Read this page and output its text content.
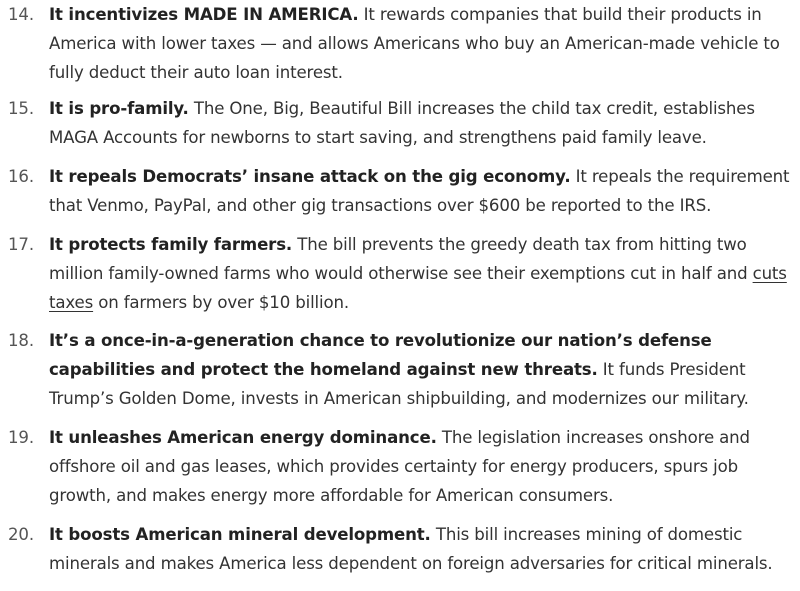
14. It incentivizes MADE IN AMERICA. It rewards companies that build their products in America with lower taxes — and allows Americans who buy an American-made vehicle to fully deduct their auto loan interest.
15. It is pro-family. The One, Big, Beautiful Bill increases the child tax credit, establishes MAGA Accounts for newborns to start saving, and strengthens paid family leave.
16. It repeals Democrats’ insane attack on the gig economy. It repeals the requirement that Venmo, PayPal, and other gig transactions over $600 be reported to the IRS.
17. It protects family farmers. The bill prevents the greedy death tax from hitting two million family-owned farms who would otherwise see their exemptions cut in half and cuts taxes on farmers by over $10 billion.
18. It’s a once-in-a-generation chance to revolutionize our nation’s defense capabilities and protect the homeland against new threats. It funds President Trump’s Golden Dome, invests in American shipbuilding, and modernizes our military.
19. It unleashes American energy dominance. The legislation increases onshore and offshore oil and gas leases, which provides certainty for energy producers, spurs job growth, and makes energy more affordable for American consumers.
20. It boosts American mineral development. This bill increases mining of domestic minerals and makes America less dependent on foreign adversaries for critical minerals.
